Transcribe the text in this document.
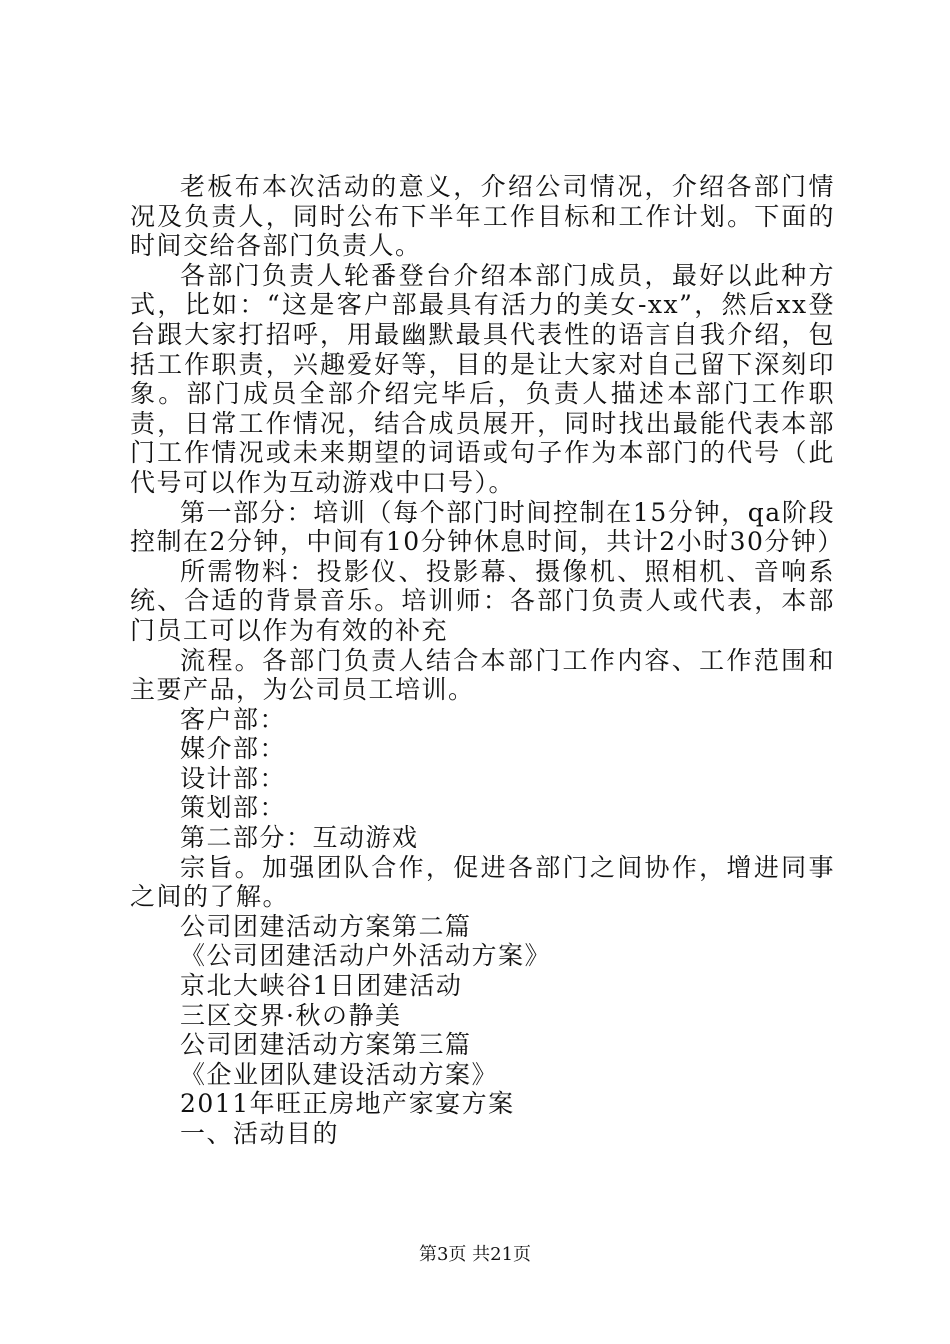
老板布本次活动的意义，介绍公司情况，介绍各部门情况及负责人，同时公布下半年工作目标和工作计划。下面的时间交给各部门负责人。

各部门负责人轮番登台介绍本部门成员，最好以此种方式，比如：“这是客户部最具有活力的美女-xx”，然后xx登台跟大家打招呼，用最幽默最具代表性的语言自我介绍，包括工作职责，兴趣爱好等，目的是让大家对自己留下深刻印象。部门成员全部介绍完毕后，负责人描述本部门工作职责，日常工作情况，结合成员展开，同时找出最能代表本部门工作情况或未来期望的词语或句子作为本部门的代号（此代号可以作为互动游戏中口号）。

第一部分：培训（每个部门时间控制在15分钟，qa阶段控制在2分钟，中间有10分钟休息时间，共计2小时30分钟）

所需物料：投影仪、投影幕、摄像机、照相机、音响系统、合适的背景音乐。培训师：各部门负责人或代表，本部门员工可以作为有效的补充

流程。各部门负责人结合本部门工作内容、工作范围和主要产品，为公司员工培训。

客户部：

媒介部：

设计部：

策划部：

第二部分：互动游戏

宗旨。加强团队合作，促进各部门之间协作，增进同事之间的了解。

公司团建活动方案第二篇

《公司团建活动户外活动方案》

京北大峡谷1日团建活动

三区交界·秋の静美

公司团建活动方案第三篇

《企业团队建设活动方案》

2011年旺正房地产家宴方案

一、活动目的

第3页 共21页
